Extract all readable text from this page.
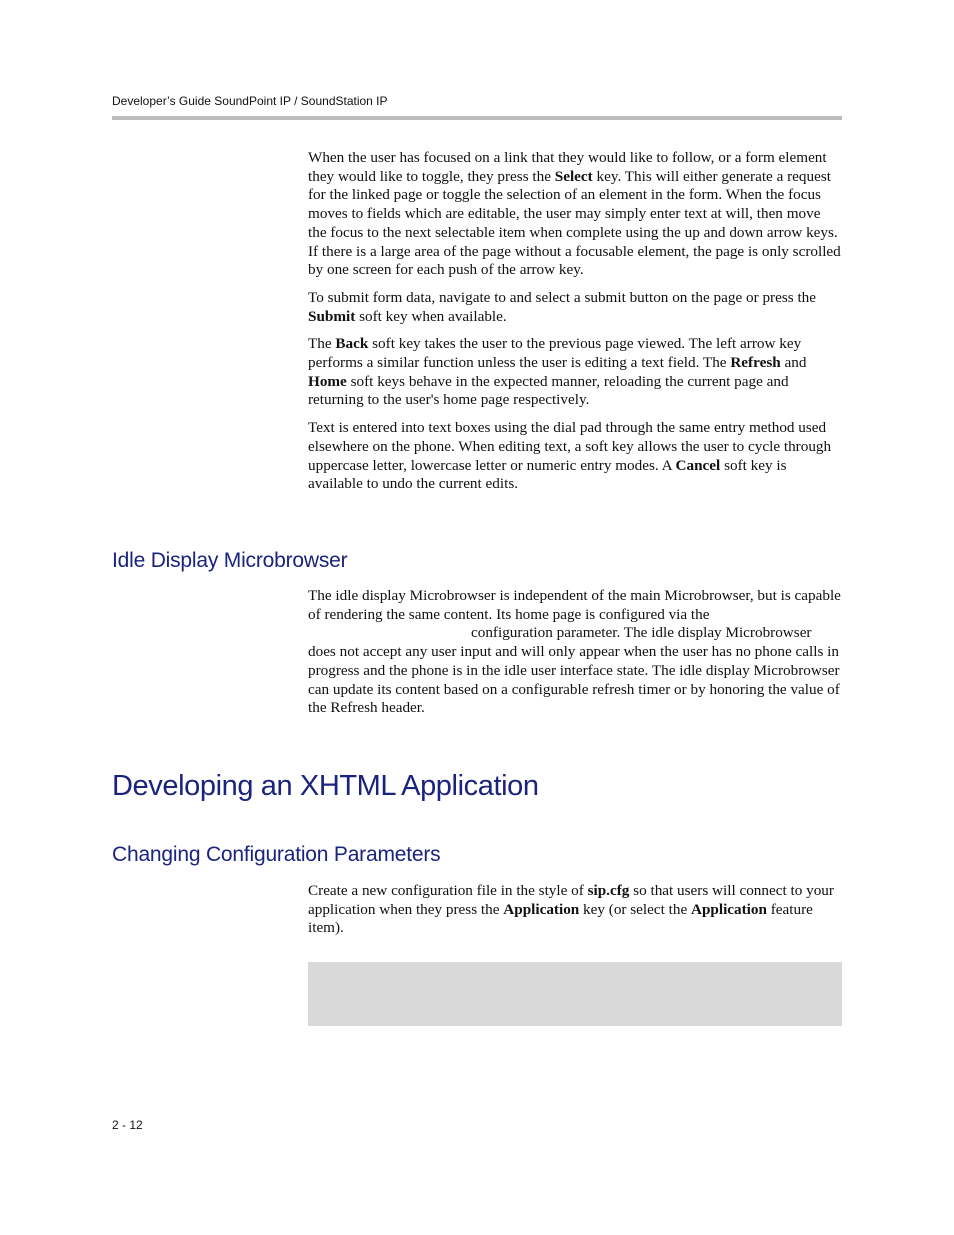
Developer’s Guide SoundPoint IP / SoundStation IP

When the user has focused on a link that they would like to follow, or a form element they would like to toggle, they press the Select key. This will either generate a request for the linked page or toggle the selection of an element in the form. When the focus moves to fields which are editable, the user may simply enter text at will, then move the focus to the next selectable item when complete using the up and down arrow keys. If there is a large area of the page without a focusable element, the page is only scrolled by one screen for each push of the arrow key.

To submit form data, navigate to and select a submit button on the page or press the Submit soft key when available.

The Back soft key takes the user to the previous page viewed. The left arrow key performs a similar function unless the user is editing a text field. The Refresh and Home soft keys behave in the expected manner, reloading the current page and returning to the user's home page respectively.

Text is entered into text boxes using the dial pad through the same entry method used elsewhere on the phone. When editing text, a soft key allows the user to cycle through uppercase letter, lowercase letter or numeric entry modes. A Cancel soft key is available to undo the current edits.

Idle Display Microbrowser

The idle display Microbrowser is independent of the main Microbrowser, but is capable of rendering the same content. Its home page is configured via the
configuration parameter. The idle display Microbrowser does not accept any user input and will only appear when the user has no phone calls in progress and the phone is in the idle user interface state. The idle display Microbrowser can update its content based on a configurable refresh timer or by honoring the value of the Refresh header.

Developing an XHTML Application
Changing Configuration Parameters

Create a new configuration file in the style of sip.cfg so that users will connect to your application when they press the Application key (or select the Application feature item).

2 - 12
